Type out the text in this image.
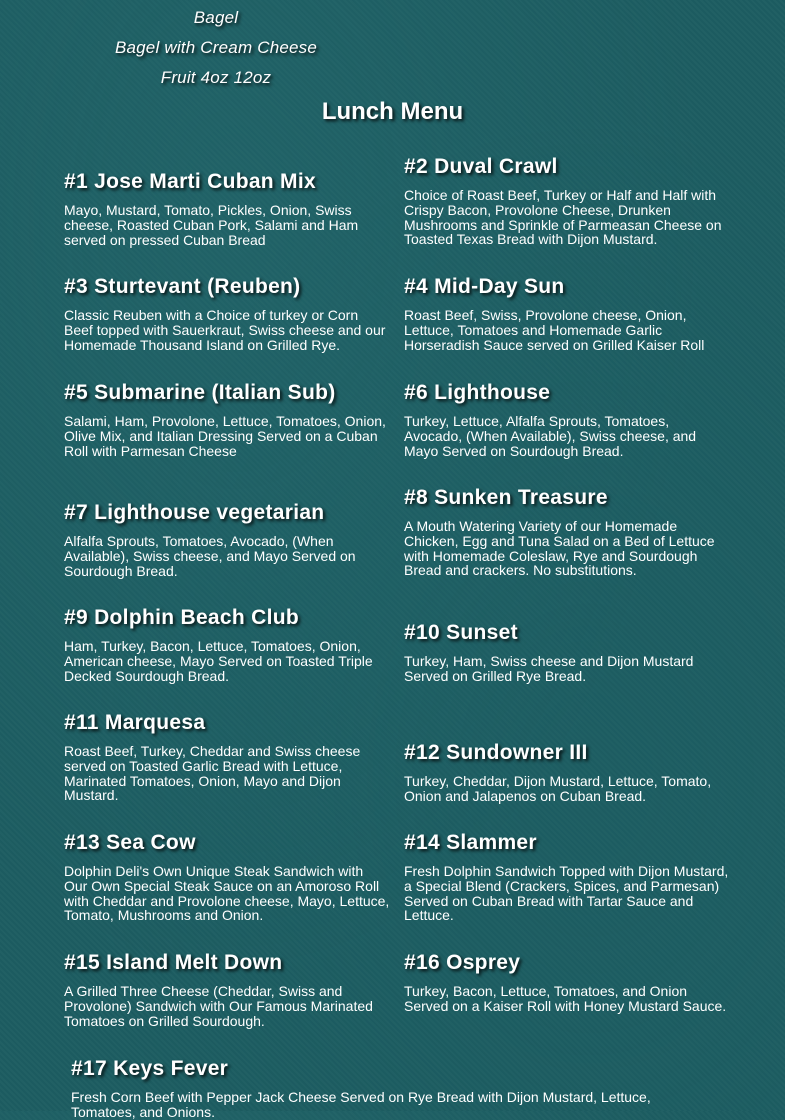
Bagel
Bagel with Cream Cheese
Fruit 4oz 12oz
Lunch Menu
#1 Jose Marti Cuban Mix

Mayo, Mustard, Tomato, Pickles, Onion, Swiss cheese, Roasted Cuban Pork, Salami and Ham served on pressed Cuban Bread

#2 Duval Crawl

Choice of Roast Beef, Turkey or Half and Half with Crispy Bacon, Provolone Cheese, Drunken Mushrooms and Sprinkle of Parmeasan Cheese on Toasted Texas Bread with Dijon Mustard.

#3 Sturtevant (Reuben)

Classic Reuben with a Choice of turkey or Corn Beef topped with Sauerkraut, Swiss cheese and our Homemade Thousand Island on Grilled Rye.

#4 Mid-Day Sun

Roast Beef, Swiss, Provolone cheese, Onion, Lettuce, Tomatoes and Homemade Garlic Horseradish Sauce served on Grilled Kaiser Roll

#5 Submarine (Italian Sub)

Salami, Ham, Provolone, Lettuce, Tomatoes, Onion, Olive Mix, and Italian Dressing Served on a Cuban Roll with Parmesan Cheese

#6 Lighthouse

Turkey, Lettuce, Alfalfa Sprouts, Tomatoes, Avocado, (When Available), Swiss cheese, and Mayo Served on Sourdough Bread.

#7 Lighthouse vegetarian

Alfalfa Sprouts, Tomatoes, Avocado, (When Available), Swiss cheese, and Mayo Served on Sourdough Bread.

#8 Sunken Treasure

A Mouth Watering Variety of our Homemade Chicken, Egg and Tuna Salad on a Bed of Lettuce with Homemade Coleslaw, Rye and Sourdough Bread and crackers. No substitutions.

#9 Dolphin Beach Club

Ham, Turkey, Bacon, Lettuce, Tomatoes, Onion, American cheese, Mayo Served on Toasted Triple Decked Sourdough Bread.

#10 Sunset

Turkey, Ham, Swiss cheese and Dijon Mustard Served on Grilled Rye Bread.

#11 Marquesa

Roast Beef, Turkey, Cheddar and Swiss cheese served on Toasted Garlic Bread with Lettuce, Marinated Tomatoes, Onion, Mayo and Dijon Mustard.

#12 Sundowner III

Turkey, Cheddar, Dijon Mustard, Lettuce, Tomato, Onion and Jalapenos on Cuban Bread.

#13 Sea Cow

Dolphin Deli's Own Unique Steak Sandwich with Our Own Special Steak Sauce on an Amoroso Roll with Cheddar and Provolone cheese, Mayo, Lettuce, Tomato, Mushrooms and Onion.

#14 Slammer

Fresh Dolphin Sandwich Topped with Dijon Mustard, a Special Blend (Crackers, Spices, and Parmesan) Served on Cuban Bread with Tartar Sauce and Lettuce.

#15 Island Melt Down

A Grilled Three Cheese (Cheddar, Swiss and Provolone) Sandwich with Our Famous Marinated Tomatoes on Grilled Sourdough.

#16 Osprey

Turkey, Bacon, Lettuce, Tomatoes, and Onion Served on a Kaiser Roll with Honey Mustard Sauce.

#17 Keys Fever

Fresh Corn Beef with Pepper Jack Cheese Served on Rye Bread with Dijon Mustard, Lettuce, Tomatoes, and Onions.
